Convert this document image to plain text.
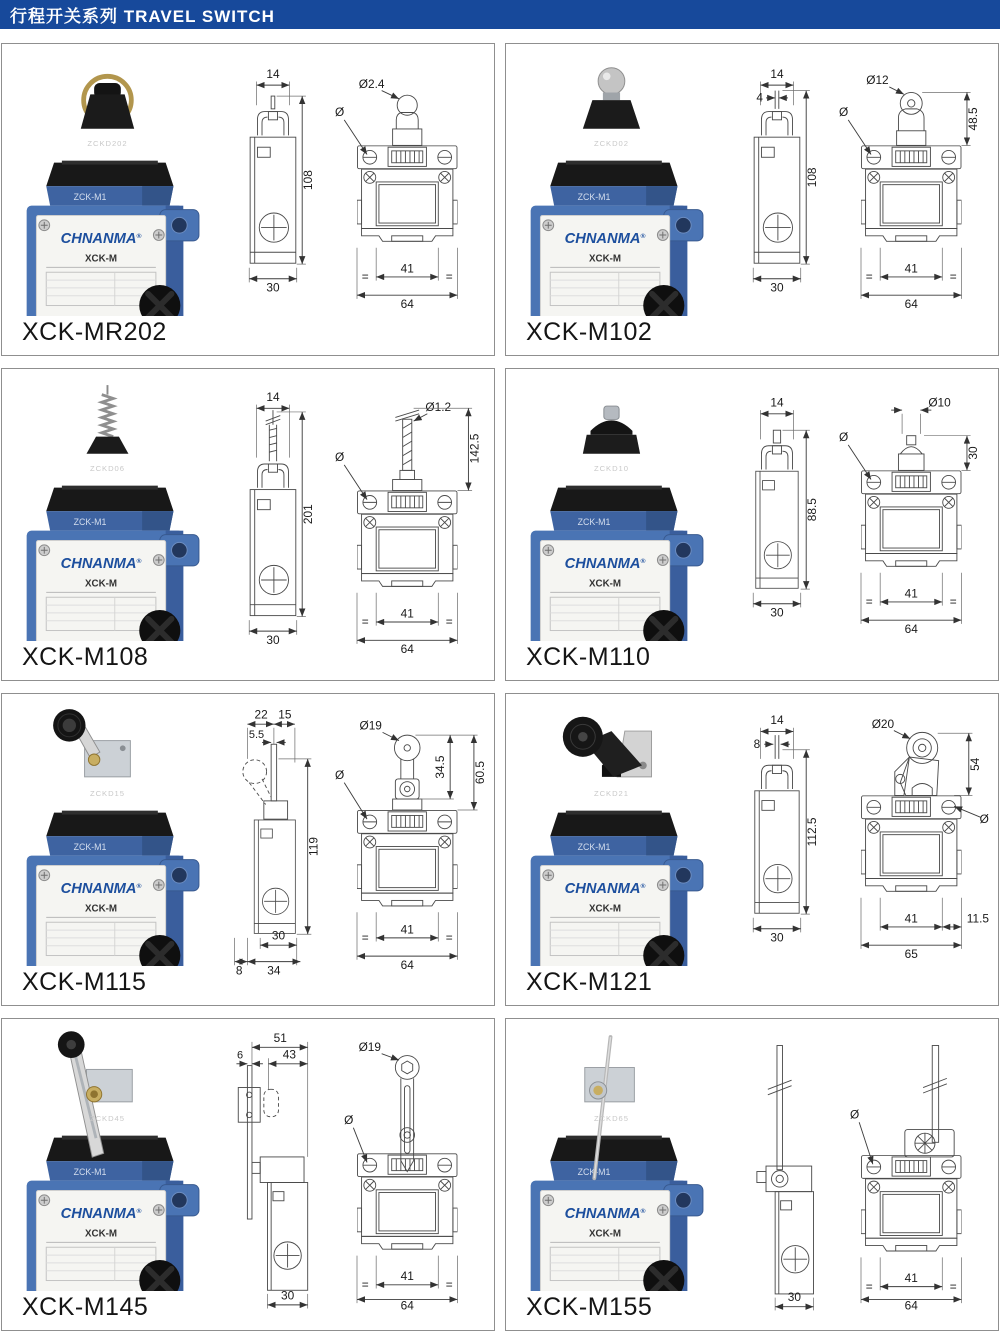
行程开关系列 TRAVEL SWITCH
ZCKD202
14
108
30
Ø2.4
Ø
41
=	=
64
XCK-MR202
ZCKD02
14
4
108
30
Ø12
48.5
Ø
41
=	=
64
XCK-M102
ZCKD06
14
201
30
Ø1.2
142.5
Ø
41
=	=
64
XCK-M108
ZCKD10
14
88.5
30
Ø10
30
Ø
41
=	=
64
XCK-M110
ZCKD15
22 15
5.5
119
30
34
8
Ø19
34.5 60.5
Ø
41
=	=
64
XCK-M115
ZCKD21
14
8
112.5
30
Ø20
54
Ø
41	11.5
65
XCK-M121
ZCKD45
51
6	43
30
Ø19
Ø
41
=	=
64
XCK-M145
ZCKD65
30
Ø
41
=	=
64
XCK-M155
